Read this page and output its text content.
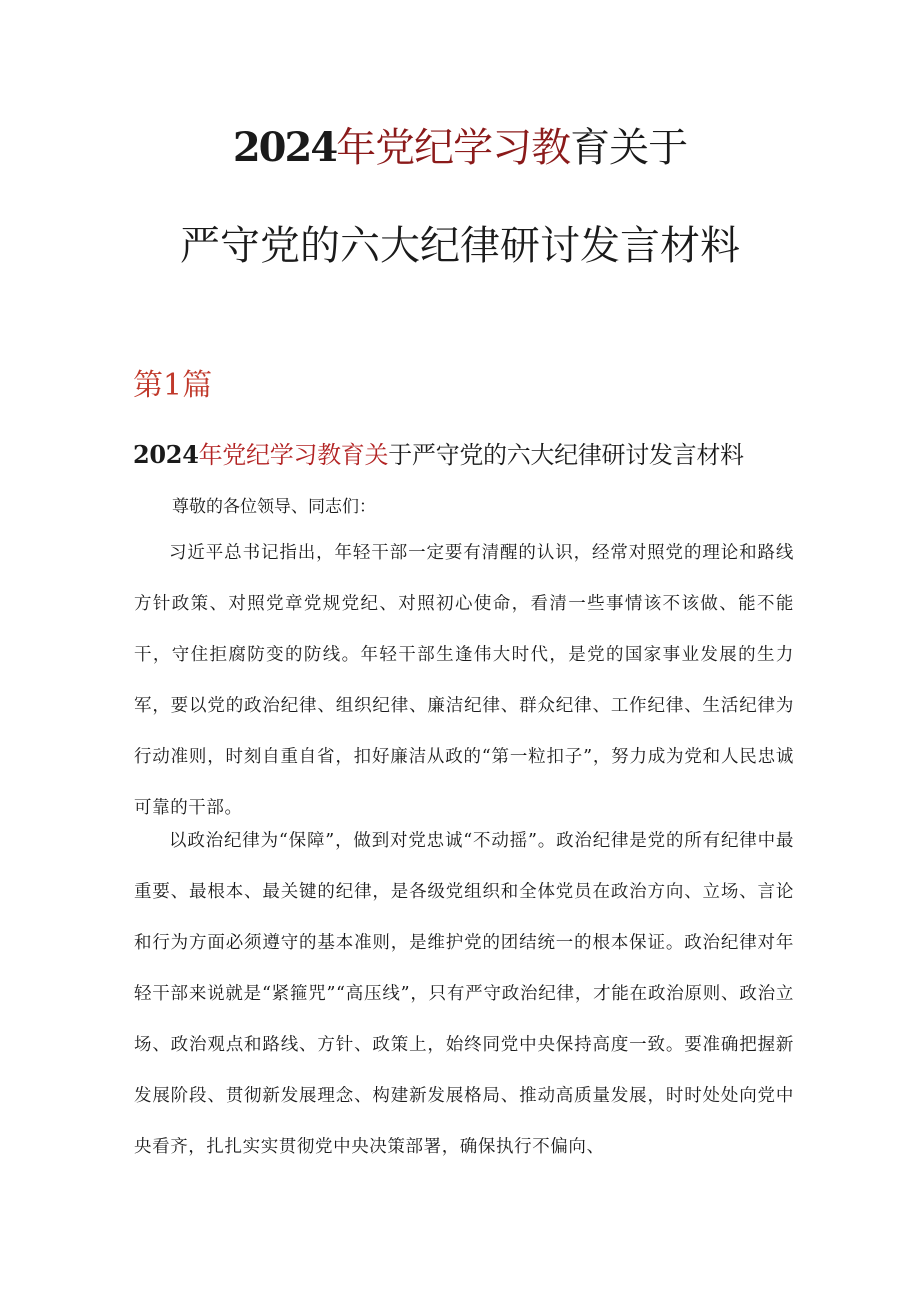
2024年党纪学习教育关于
严守党的六大纪律研讨发言材料
第1篇
2024年党纪学习教育关于严守党的六大纪律研讨发言材料
尊敬的各位领导、同志们：

习近平总书记指出，年轻干部一定要有清醒的认识，经常对照党的理论和路线方针政策、对照党章党规党纪、对照初心使命，看清一些事情该不该做、能不能干，守住拒腐防变的防线。年轻干部生逢伟大时代，是党的国家事业发展的生力军，要以党的政治纪律、组织纪律、廉洁纪律、群众纪律、工作纪律、生活纪律为行动准则，时刻自重自省，扣好廉洁从政的“第一粒扣子”，努力成为党和人民忠诚可靠的干部。

以政治纪律为“保障”，做到对党忠诚“不动摇”。政治纪律是党的所有纪律中最重要、最根本、最关键的纪律，是各级党组织和全体党员在政治方向、立场、言论和行为方面必须遵守的基本准则，是维护党的团结统一的根本保证。政治纪律对年轻干部来说就是“紧箍咒”“高压线”，只有严守政治纪律，才能在政治原则、政治立场、政治观点和路线、方针、政策上，始终同党中央保持高度一致。要准确把握新发展阶段、贯彻新发展理念、构建新发展格局、推动高质量发展，时时处处向党中央看齐，扎扎实实贯彻党中央决策部署，确保执行不偏向、
